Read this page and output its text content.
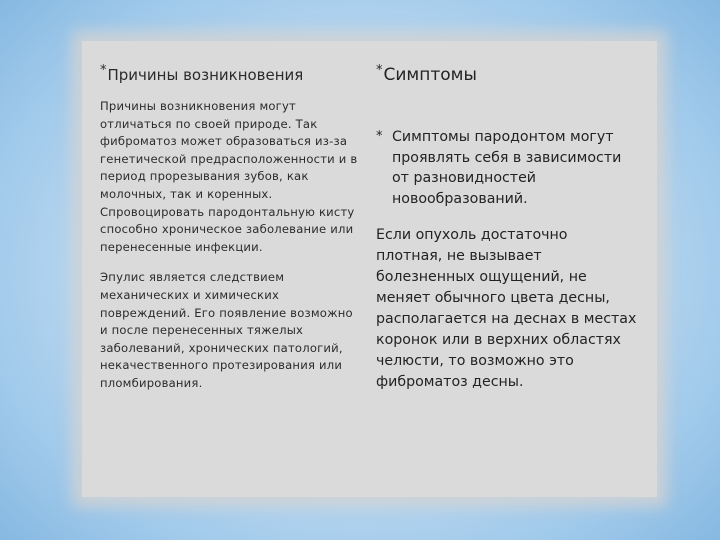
*Причины возникновения

Причины возникновения могут отличаться по своей природе. Так фиброматоз может образоваться из-за генетической предрасположенности и в период прорезывания зубов, как молочных, так и коренных. Спровоцировать пародонтальную кисту способно хроническое заболевание или перенесенные инфекции.

Эпулис является следствием механических и химических повреждений. Его появление возможно и после перенесенных тяжелых заболеваний, хронических патологий, некачественного протезирования или пломбирования.

*Симптомы
* Симптомы пародонтом могут проявлять себя в зависимости от разновидностей новообразований.
Если опухоль достаточно плотная, не вызывает болезненных ощущений, не меняет обычного цвета десны, располагается на деснах в местах коронок или в верхних областях челюсти, то возможно это фиброматоз десны.
